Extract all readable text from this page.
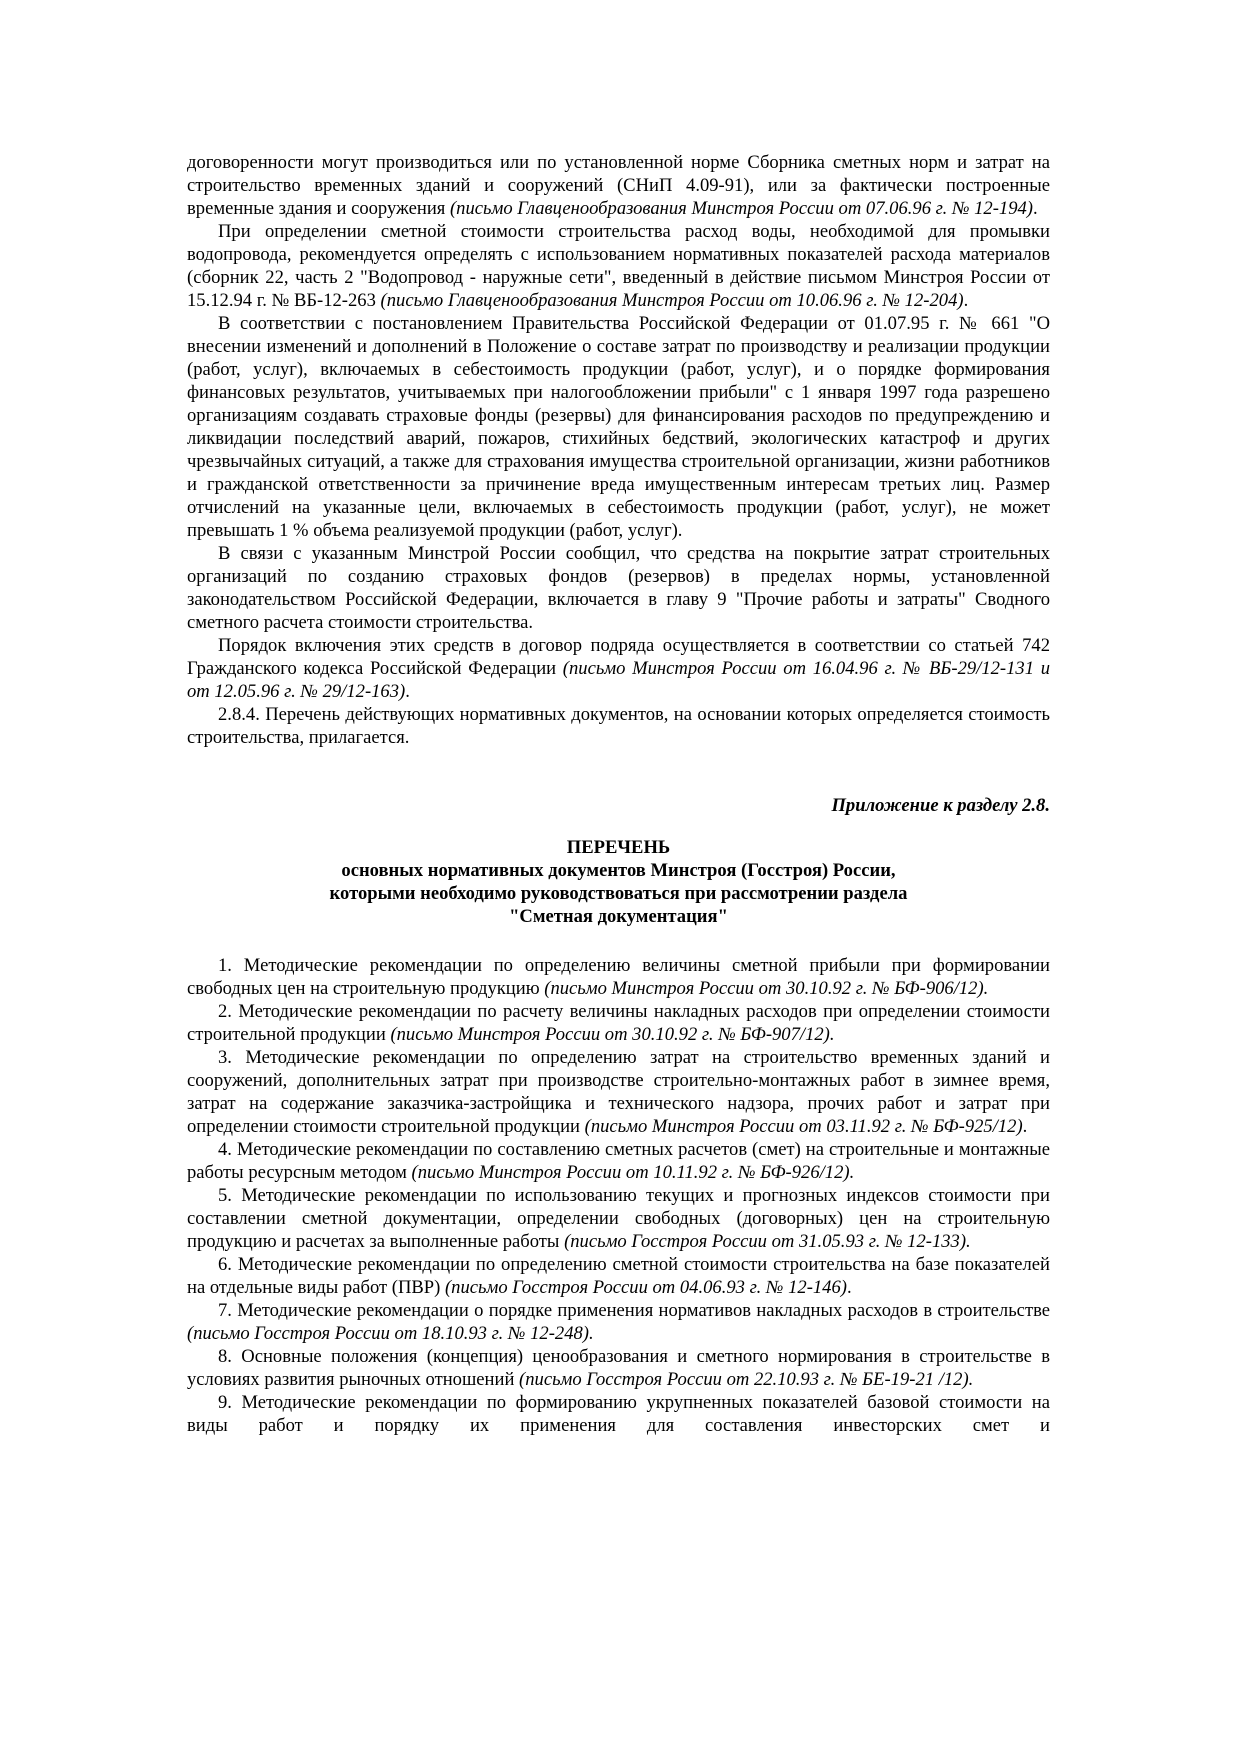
договоренности могут производиться или по установленной норме Сборника сметных норм и затрат на строительство временных зданий и сооружений (СНиП 4.09-91), или за фактически построенные временные здания и сооружения (письмо Главценообразования Минстроя России от 07.06.96 г. № 12-194).

При определении сметной стоимости строительства расход воды, необходимой для промывки водопровода, рекомендуется определять с использованием нормативных показателей расхода материалов (сборник 22, часть 2 "Водопровод - наружные сети", введенный в действие письмом Минстроя России от 15.12.94 г. № ВБ-12-263 (письмо Главценообразования Минстроя России от 10.06.96 г. № 12-204).

В соответствии с постановлением Правительства Российской Федерации от 01.07.95 г. № 661 "О внесении изменений и дополнений в Положение о составе затрат по производству и реализации продукции (работ, услуг), включаемых в себестоимость продукции (работ, услуг), и о порядке формирования финансовых результатов, учитываемых при налогообложении прибыли" с 1 января 1997 года разрешено организациям создавать страховые фонды (резервы) для финансирования расходов по предупреждению и ликвидации последствий аварий, пожаров, стихийных бедствий, экологических катастроф и других чрезвычайных ситуаций, а также для страхования имущества строительной организации, жизни работников и гражданской ответственности за причинение вреда имущественным интересам третьих лиц. Размер отчислений на указанные цели, включаемых в себестоимость продукции (работ, услуг), не может превышать 1 % объема реализуемой продукции (работ, услуг).

В связи с указанным Минстрой России сообщил, что средства на покрытие затрат строительных организаций по созданию страховых фондов (резервов) в пределах нормы, установленной законодательством Российской Федерации, включается в главу 9 "Прочие работы и затраты" Сводного сметного расчета стоимости строительства.

Порядок включения этих средств в договор подряда осуществляется в соответствии со статьей 742 Гражданского кодекса Российской Федерации (письмо Минстроя России от 16.04.96 г. № ВБ-29/12-131 и от 12.05.96 г. № 29/12-163).

2.8.4. Перечень действующих нормативных документов, на основании которых определяется стоимость строительства, прилагается.

Приложение к разделу 2.8.

ПЕРЕЧЕНЬ
основных нормативных документов Минстроя (Госстроя) России,
которыми необходимо руководствоваться при рассмотрении раздела
"Сметная документация"

1. Методические рекомендации по определению величины сметной прибыли при формировании свободных цен на строительную продукцию (письмо Минстроя России от 30.10.92 г. № БФ-906/12).

2. Методические рекомендации по расчету величины накладных расходов при определении стоимости строительной продукции (письмо Минстроя России от 30.10.92 г. № БФ-907/12).

3. Методические рекомендации по определению затрат на строительство временных зданий и сооружений, дополнительных затрат при производстве строительно-монтажных работ в зимнее время, затрат на содержание заказчика-застройщика и технического надзора, прочих работ и затрат при определении стоимости строительной продукции (письмо Минстроя России от 03.11.92 г. № БФ-925/12).

4. Методические рекомендации по составлению сметных расчетов (смет) на строительные и монтажные работы ресурсным методом (письмо Минстроя России от 10.11.92 г. № БФ-926/12).

5. Методические рекомендации по использованию текущих и прогнозных индексов стоимости при составлении сметной документации, определении свободных (договорных) цен на строительную продукцию и расчетах за выполненные работы (письмо Госстроя России от 31.05.93 г. № 12-133).

6. Методические рекомендации по определению сметной стоимости строительства на базе показателей на отдельные виды работ (ПВР) (письмо Госстроя России от 04.06.93 г. № 12-146).

7. Методические рекомендации о порядке применения нормативов накладных расходов в строительстве (письмо Госстроя России от 18.10.93 г. № 12-248).

8. Основные положения (концепция) ценообразования и сметного нормирования в строительстве в условиях развития рыночных отношений (письмо Госстроя России от 22.10.93 г. № БЕ-19-21 /12).

9. Методические рекомендации по формированию укрупненных показателей базовой стоимости на виды работ и порядку их применения для составления инвесторских смет и
